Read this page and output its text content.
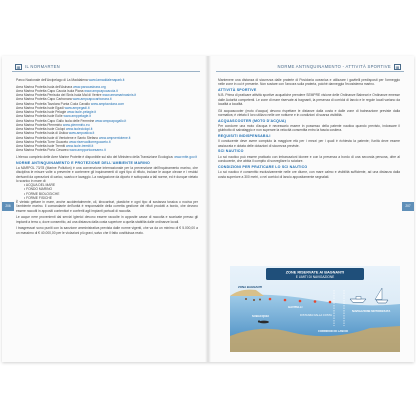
▦	IL NORMARTEN
206
Parco Nazionale dell'Arcipelago di La Maddalena www.lamaddalenapark.it
Area Marina Protetta Isola dell'Asinara www.parcoasinara.org
Area Marina Protetta Capo Caccia Isola Piana www.ampcapocaccia.it
Area Marina Protetta Penisola del Sinis Isola Mal di Ventre www.areamarinasinis.it
Area Marina Protetta Capo Carbonara www.ampcapocarbonara.it
Area Marina Protetta Tavolara Punta Coda Cavallo www.amptavolara.com
Area Marina Protetta Isole Egadi www.ampegadi.it
Area Marina Protetta Isole Pelagie www.isole-pelagie.it
Area Marina Protetta Isole Eolie www.amppelagie.it
Area Marina Protetta Capo Gallo Isola delle Femmine www.ampcapogallo.it
Area Marina Protetta Plemmirio www.plemmirio.eu
Area Marina Protetta Isole Ciclopi www.isoleciclopi.it
Area Marina Protetta Isola di Ustica www.ampustica.it
Area Marina Protetta Isole di Ventotene e Santo Stefano www.ampventotene.it
Area Marina Protetta Torre Guaceto www.riservaditorreguaceto.it
Area Marina Protetta Isole Tremiti www.isole-tremiti.it
Area Marina Protetta Porto Cesareo www.ampportocesareo.it
L'elenco completo delle Aree Marine Protette è disponibile sul sito del Ministero della Transizione Ecologica: www.mite.gov.it
NORME ANTINQUINAMENTO E PROTEZIONE DELL'AMBIENTE MARINO
La MARPOL 73/78 (Marine Pollution) è una convenzione internazionale per la prevenzione dell'inquinamento marino, che disciplina le misure volte a prevenire e contenere gli inquinamenti di ogni tipo di rifiuto, incluse le acque oleose e i residui derivanti da operazioni di carico, scarico e lavaggio. La navigazione da diporto è sottoposta a tali norme, ed è dunque vietato lo scarico in mare di:
• ACQUA DEL MARE
• FONDO MARINO
• FORME BIOLOGICHE
• FORME FISICHE
È vietato gettare in mare, anche accidentalmente, oli, idrocarburi, plastiche e ogni tipo di sostanza tossica o nociva per l'ambiente marino. Il comandante dell'unità è responsabile della corretta gestione dei rifiuti prodotti a bordo, che devono essere raccolti in appositi contenitori e conferiti agli impianti portuali di raccolta.
Le acque nere provenienti dai servizi igienici devono essere raccolte in apposite casse di raccolta e scaricate presso gli impianti a terra o, dove consentito, ad una distanza dalla costa superiore a quella stabilita dalle ordinanze locali.
I trasgressori sono puniti con la sanzione amministrativa prevista dalle norme vigenti, che va da un minimo di € 5.000,00 a un massimo di € 40.000,00 per le violazioni più gravi, salvo che il fatto costituisca reato.
NORME ANTINQUINAMENTO - ATTIVITÀ SPORTIVE	▦
207
Mantenere una distanza di sicurezza dalle praterie di Posidonia oceanica e utilizzare i gavitelli predisposti per l'ormeggio nelle zone in cui è presente. Non sostare con l'ancora sulla prateria, poiché danneggia l'ecosistema marino.
ATTIVITÀ SPORTIVE
N.B. Prima di praticare attività sportive acquatiche prendere SEMPRE visione delle Ordinanze Balneari e Ordinanze emesse dalle Autorità competenti. Le zone di mare riservate ai bagnanti, la presenza di corridoi di lancio e le regole locali variano da località a località.
Gli acquascooter (moto d'acqua) devono rispettare le distanze dalla costa e dalle zone di balneazione previste dalla normativa; è vietato il loro utilizzo nelle ore notturne e in condizioni di scarsa visibilità.
ACQUASCOOTER (MOTO D'ACQUA)
Per condurre una moto d'acqua è necessario essere in possesso della patente nautica quando previsto, indossare il giubbotto di salvataggio e non superare la velocità consentita entro la fascia costiera.
REQUISITI INDISPENSABILI
Il conducente deve avere compiuto la maggiore età per i mezzi per i quali è richiesta la patente; l'unità deve essere assicurata e dotata delle dotazioni di sicurezza previste.
SCI NAUTICO
Lo sci nautico può essere praticato con imbarcazioni idonee e con la presenza a bordo di una seconda persona, oltre al conducente, che abbia il compito di sorvegliare lo sciatore.
CONDIZIONI PER PRATICARE LO SCI NAUTICO
Lo sci nautico è consentito esclusivamente nelle ore diurne, con mare calmo e visibilità sufficiente, ad una distanza dalla costa superiore a 300 metri, o nei corridoi di lancio appositamente segnalati.
ZONE RISERVATE AI BAGNANTI
E LIMITI DI NAVIGAZIONE
ZONA BAGNANTI
SUBACQUEI
GAVITELLI
CORRIDOIO DI LANCIO
DISTANZA DALLA COSTA
NAVIGAZIONE MOTORIZZATA
